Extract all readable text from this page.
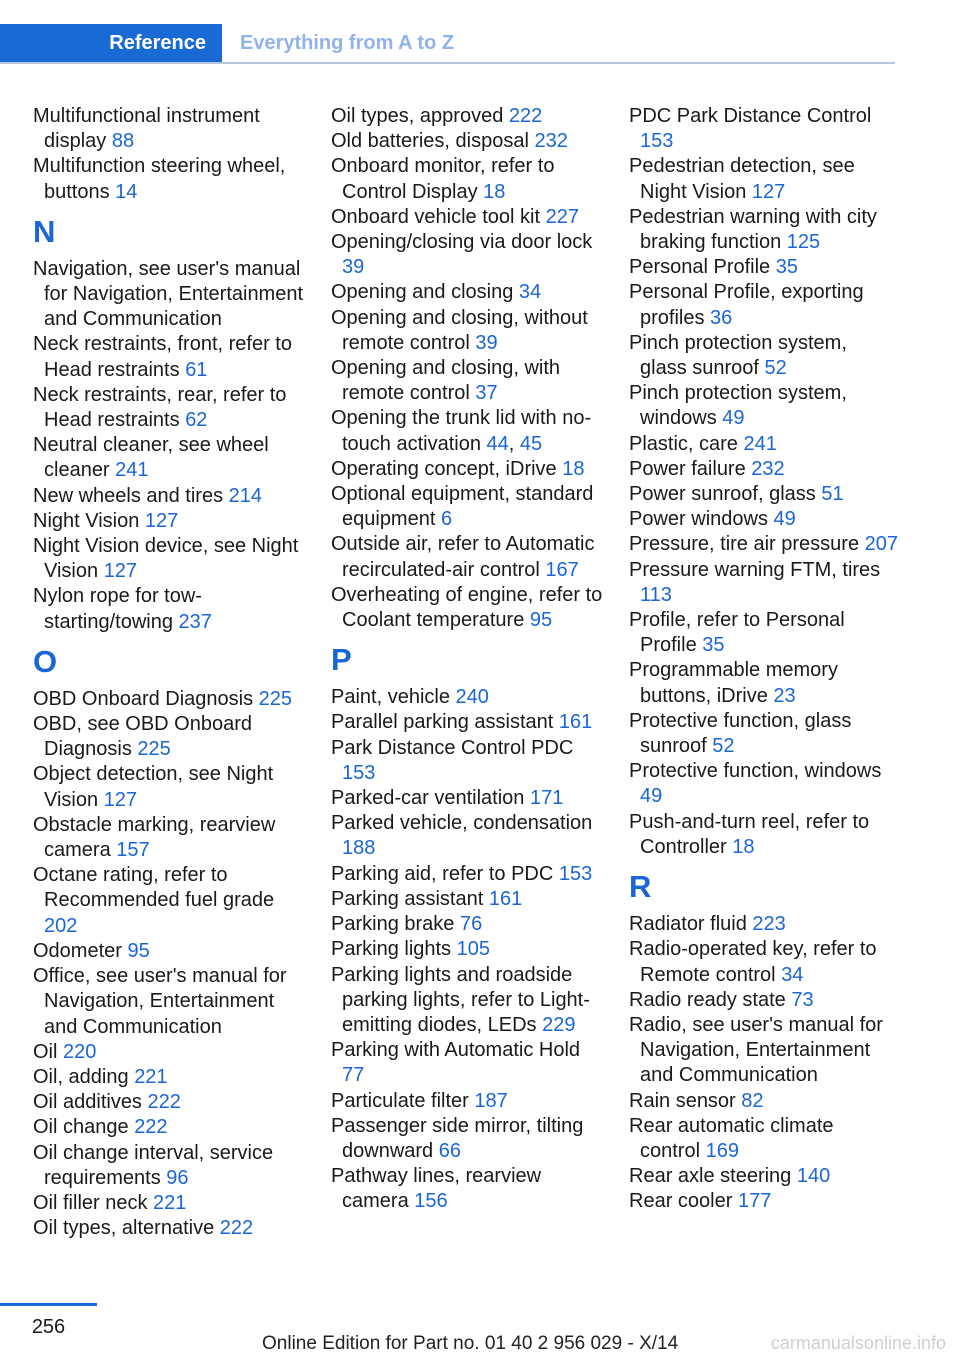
Reference	Everything from A to Z
Multifunctional instrument display 88
Multifunction steering wheel, buttons 14
N
Navigation, see user's manual for Navigation, Entertainment and Communication
Neck restraints, front, refer to Head restraints 61
Neck restraints, rear, refer to Head restraints 62
Neutral cleaner, see wheel cleaner 241
New wheels and tires 214
Night Vision 127
Night Vision device, see Night Vision 127
Nylon rope for tow-starting/towing 237
O
OBD Onboard Diagnosis 225
OBD, see OBD Onboard Diagnosis 225
Object detection, see Night Vision 127
Obstacle marking, rearview camera 157
Octane rating, refer to Recommended fuel grade 202
Odometer 95
Office, see user's manual for Navigation, Entertainment and Communication
Oil 220
Oil, adding 221
Oil additives 222
Oil change 222
Oil change interval, service requirements 96
Oil filler neck 221
Oil types, alternative 222
Oil types, approved 222
Old batteries, disposal 232
Onboard monitor, refer to Control Display 18
Onboard vehicle tool kit 227
Opening/closing via door lock 39
Opening and closing 34
Opening and closing, without remote control 39
Opening and closing, with remote control 37
Opening the trunk lid with no-touch activation 44, 45
Operating concept, iDrive 18
Optional equipment, standard equipment 6
Outside air, refer to Automatic recirculated-air control 167
Overheating of engine, refer to Coolant temperature 95
P
Paint, vehicle 240
Parallel parking assistant 161
Park Distance Control PDC 153
Parked-car ventilation 171
Parked vehicle, condensation 188
Parking aid, refer to PDC 153
Parking assistant 161
Parking brake 76
Parking lights 105
Parking lights and roadside parking lights, refer to Light-emitting diodes, LEDs 229
Parking with Automatic Hold 77
Particulate filter 187
Passenger side mirror, tilting downward 66
Pathway lines, rearview camera 156
PDC Park Distance Control 153
Pedestrian detection, see Night Vision 127
Pedestrian warning with city braking function 125
Personal Profile 35
Personal Profile, exporting profiles 36
Pinch protection system, glass sunroof 52
Pinch protection system, windows 49
Plastic, care 241
Power failure 232
Power sunroof, glass 51
Power windows 49
Pressure, tire air pressure 207
Pressure warning FTM, tires 113
Profile, refer to Personal Profile 35
Programmable memory buttons, iDrive 23
Protective function, glass sunroof 52
Protective function, windows 49
Push-and-turn reel, refer to Controller 18
R
Radiator fluid 223
Radio-operated key, refer to Remote control 34
Radio ready state 73
Radio, see user's manual for Navigation, Entertainment and Communication
Rain sensor 82
Rear automatic climate control 169
Rear axle steering 140
Rear cooler 177
256
Online Edition for Part no. 01 40 2 956 029 - X/14	carmanualsonline.info
